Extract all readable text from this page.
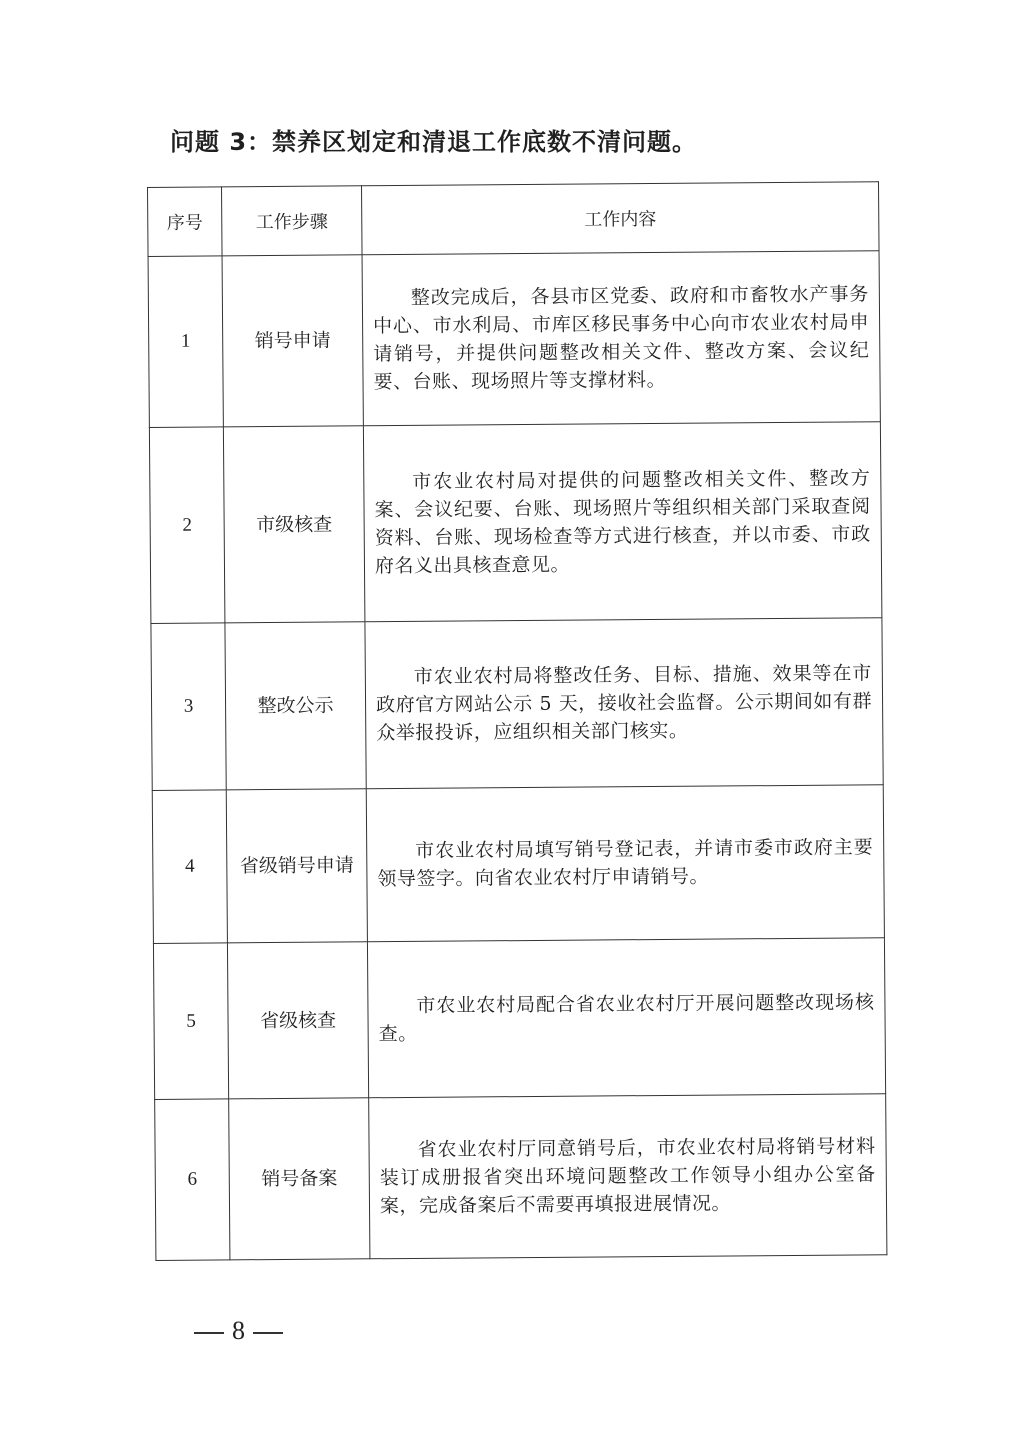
问题 3：禁养区划定和清退工作底数不清问题。
序号	工作步骤	工作内容
1	销号申请	整改完成后，各县市区党委、政府和市畜牧水产事务中心、市水利局、市库区移民事务中心向市农业农村局申请销号，并提供问题整改相关文件、整改方案、会议纪要、台账、现场照片等支撑材料。

2	市级核查	市农业农村局对提供的问题整改相关文件、整改方案、会议纪要、台账、现场照片等组织相关部门采取查阅资料、台账、现场检查等方式进行核查，并以市委、市政府名义出具核查意见。

3	整改公示	市农业农村局将整改任务、目标、措施、效果等在市政府官方网站公示 5 天，接收社会监督。公示期间如有群众举报投诉，应组织相关部门核实。

4	省级销号申请	市农业农村局填写销号登记表，并请市委市政府主要领导签字。向省农业农村厅申请销号。

5	省级核查	市农业农村局配合省农业农村厅开展问题整改现场核查。

6	销号备案	省农业农村厅同意销号后，市农业农村局将销号材料装订成册报省突出环境问题整改工作领导小组办公室备案，完成备案后不需要再填报进展情况。

8
